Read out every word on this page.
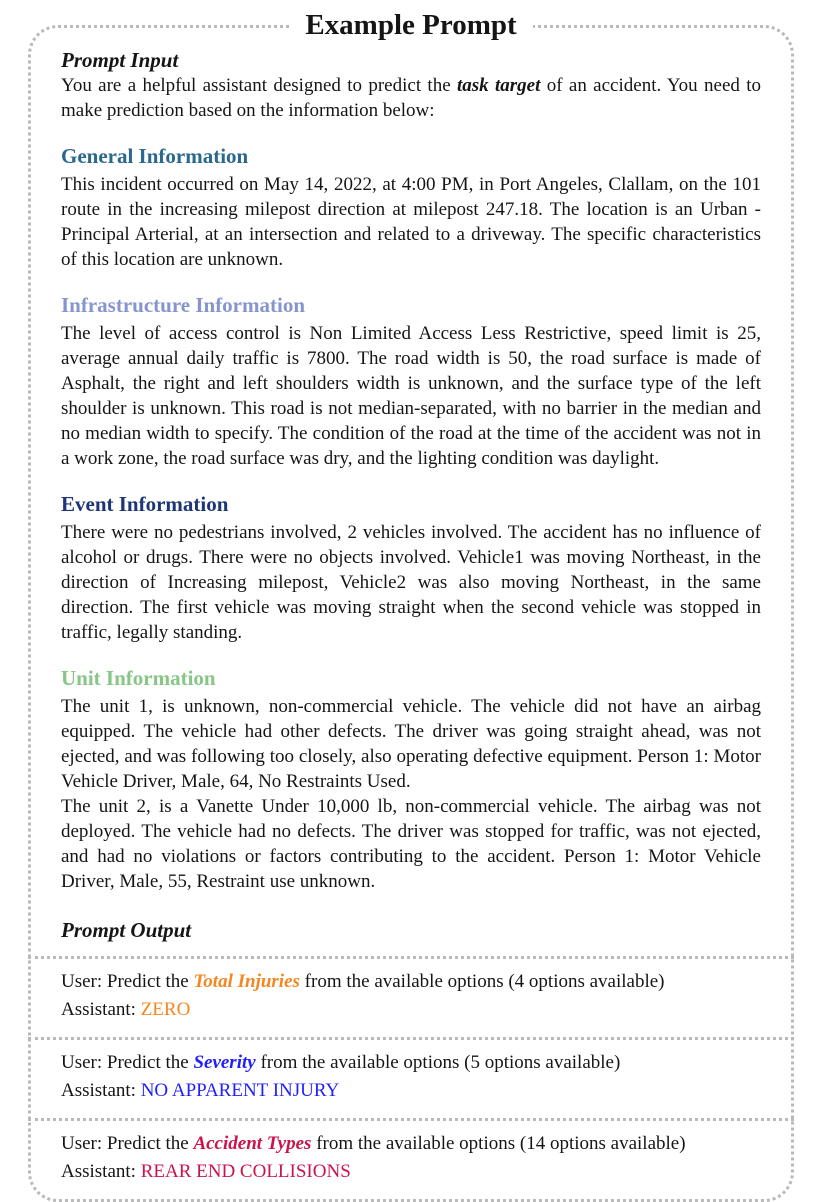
Example Prompt
Prompt Input

You are a helpful assistant designed to predict the task target of an accident. You need to make prediction based on the information below:

General Information

This incident occurred on May 14, 2022, at 4:00 PM, in Port Angeles, Clallam, on the 101 route in the increasing milepost direction at milepost 247.18. The location is an Urban - Principal Arterial, at an intersection and related to a driveway. The specific characteristics of this location are unknown.

Infrastructure Information

The level of access control is Non Limited Access Less Restrictive, speed limit is 25, average annual daily traffic is 7800. The road width is 50, the road surface is made of Asphalt, the right and left shoulders width is unknown, and the surface type of the left shoulder is unknown. This road is not median-separated, with no barrier in the median and no median width to specify. The condition of the road at the time of the accident was not in a work zone, the road surface was dry, and the lighting condition was daylight.

Event Information

There were no pedestrians involved, 2 vehicles involved. The accident has no influence of alcohol or drugs. There were no objects involved. Vehicle1 was moving Northeast, in the direction of Increasing milepost, Vehicle2 was also moving Northeast, in the same direction. The first vehicle was moving straight when the second vehicle was stopped in traffic, legally standing.

Unit Information

The unit 1, is unknown, non-commercial vehicle. The vehicle did not have an airbag equipped. The vehicle had other defects. The driver was going straight ahead, was not ejected, and was following too closely, also operating defective equipment. Person 1: Motor Vehicle Driver, Male, 64, No Restraints Used.

The unit 2, is a Vanette Under 10,000 lb, non-commercial vehicle. The airbag was not deployed. The vehicle had no defects. The driver was stopped for traffic, was not ejected, and had no violations or factors contributing to the accident. Person 1: Motor Vehicle Driver, Male, 55, Restraint use unknown.

Prompt Output
User: Predict the Total Injuries from the available options (4 options available)
Assistant: ZERO
User: Predict the Severity from the available options (5 options available)
Assistant: NO APPARENT INJURY
User: Predict the Accident Types from the available options (14 options available)
Assistant: REAR END COLLISIONS
